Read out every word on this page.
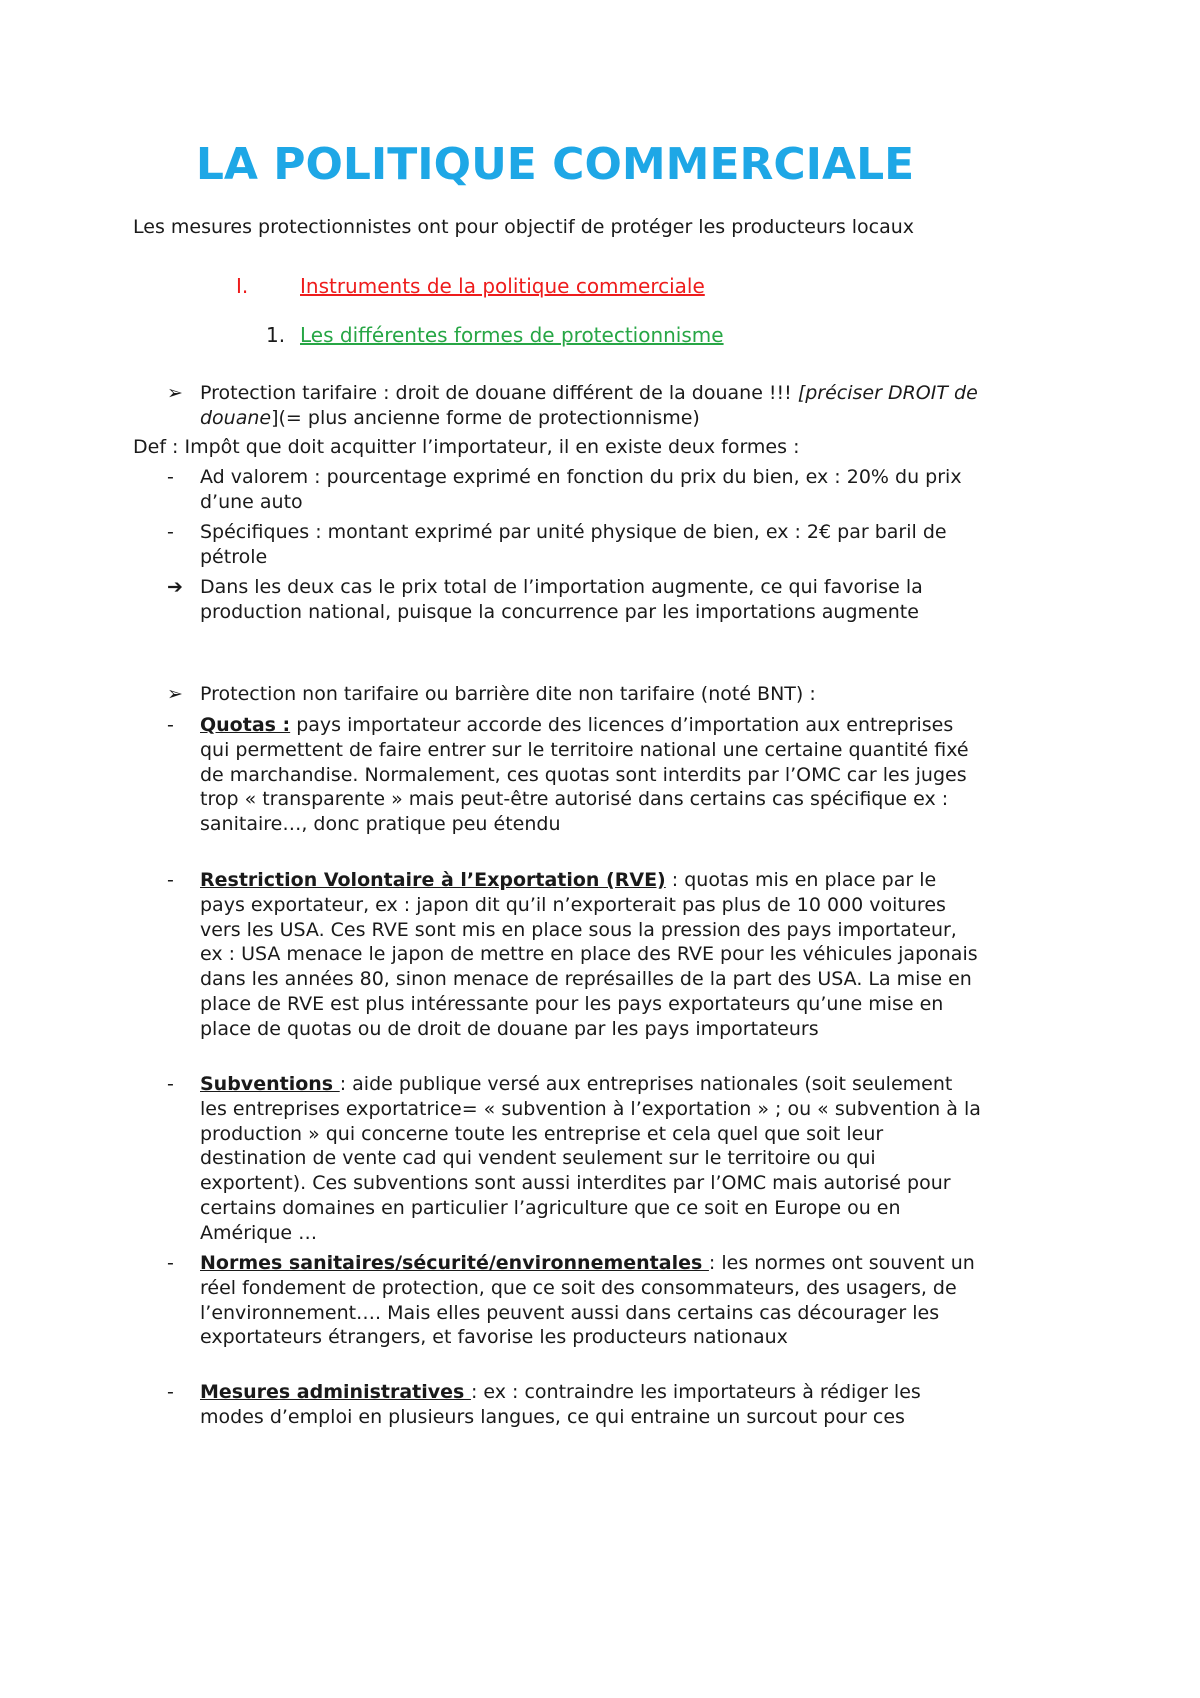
LA POLITIQUE COMMERCIALE
Les mesures protectionnistes ont pour objectif de protéger les producteurs locaux
I.	Instruments de la politique commerciale
1. Les différentes formes de protectionnisme
➢ Protection tarifaire : droit de douane différent de la douane !!! [préciser DROIT de douane](= plus ancienne forme de protectionnisme)
Def : Impôt que doit acquitter l’importateur, il en existe deux formes :
- Ad valorem : pourcentage exprimé en fonction du prix du bien, ex : 20% du prix d’une auto
- Spécifiques : montant exprimé par unité physique de bien, ex : 2€ par baril de pétrole
➔ Dans les deux cas le prix total de l’importation augmente, ce qui favorise la production national, puisque la concurrence par les importations augmente
➢ Protection non tarifaire ou barrière dite non tarifaire (noté BNT) :
- Quotas : pays importateur accorde des licences d’importation aux entreprises qui permettent de faire entrer sur le territoire national une certaine quantité fixé de marchandise. Normalement, ces quotas sont interdits par l’OMC car les juges trop « transparente » mais peut-être autorisé dans certains cas spécifique ex : sanitaire…, donc pratique peu étendu
- Restriction Volontaire à l’Exportation (RVE) : quotas mis en place par le pays exportateur, ex : japon dit qu’il n’exporterait pas plus de 10 000 voitures vers les USA. Ces RVE sont mis en place sous la pression des pays importateur, ex : USA menace le japon de mettre en place des RVE pour les véhicules japonais dans les années 80, sinon menace de représailles de la part des USA. La mise en place de RVE est plus intéressante pour les pays exportateurs qu’une mise en place de quotas ou de droit de douane par les pays importateurs
- Subventions : aide publique versé aux entreprises nationales (soit seulement les entreprises exportatrice= « subvention à l’exportation » ; ou « subvention à la production » qui concerne toute les entreprise et cela quel que soit leur destination de vente cad qui vendent seulement sur le territoire ou qui exportent). Ces subventions sont aussi interdites par l’OMC mais autorisé pour certains domaines en particulier l’agriculture que ce soit en Europe ou en Amérique …
- Normes sanitaires/sécurité/environnementales : les normes ont souvent un réel fondement de protection, que ce soit des consommateurs, des usagers, de l’environnement…. Mais elles peuvent aussi dans certains cas décourager les exportateurs étrangers, et favorise les producteurs nationaux
- Mesures administratives : ex : contraindre les importateurs à rédiger les modes d’emploi en plusieurs langues, ce qui entraine un surcout pour ces
